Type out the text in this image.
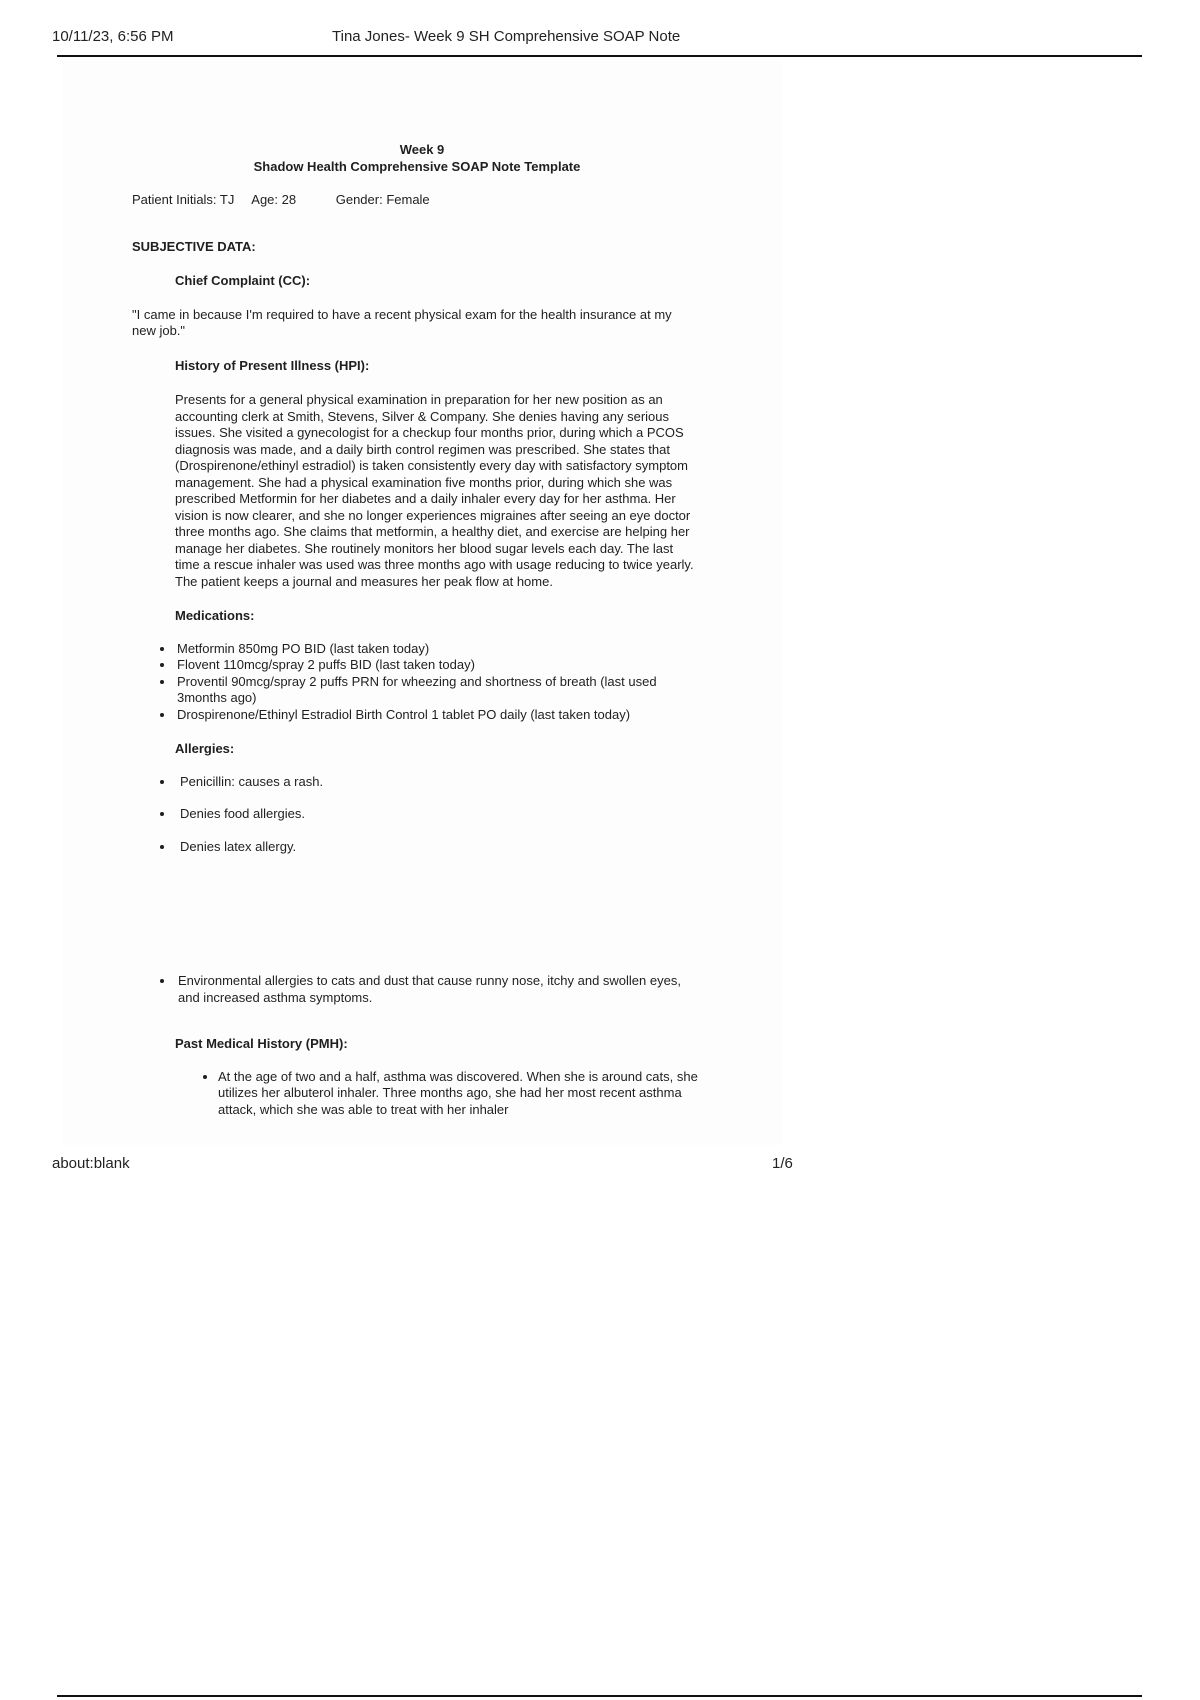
10/11/23, 6:56 PM	Tina Jones- Week 9 SH Comprehensive SOAP Note

Week 9

Shadow Health Comprehensive SOAP Note Template

Patient Initials: TJ Age: 28	Gender: Female
SUBJECTIVE DATA:
Chief Complaint (CC):
"I came in because I'm required to have a recent physical exam for the health insurance at my new job."
History of Present Illness (HPI):
Presents for a general physical examination in preparation for her new position as an accounting clerk at Smith, Stevens, Silver & Company. She denies having any serious issues. She visited a gynecologist for a checkup four months prior, during which a PCOS diagnosis was made, and a daily birth control regimen was prescribed. She states that (Drospirenone/ethinyl estradiol) is taken consistently every day with satisfactory symptom management. She had a physical examination five months prior, during which she was prescribed Metformin for her diabetes and a daily inhaler every day for her asthma. Her vision is now clearer, and she no longer experiences migraines after seeing an eye doctor three months ago. She claims that metformin, a healthy diet, and exercise are helping her manage her diabetes. She routinely monitors her blood sugar levels each day. The last time a rescue inhaler was used was three months ago with usage reducing to twice yearly. The patient keeps a journal and measures her peak flow at home.
Medications:
• Metformin 850mg PO BID (last taken today)
• Flovent 110mcg/spray 2 puffs BID (last taken today)
• Proventil 90mcg/spray 2 puffs PRN for wheezing and shortness of breath (last used 3months ago)
• Drospirenone/Ethinyl Estradiol Birth Control 1 tablet PO daily (last taken today)
Allergies:
• Penicillin: causes a rash.
• Denies food allergies.
• Denies latex allergy.
• Environmental allergies to cats and dust that cause runny nose, itchy and swollen eyes, and increased asthma symptoms.
Past Medical History (PMH):
• At the age of two and a half, asthma was discovered. When she is around cats, she utilizes her albuterol inhaler. Three months ago, she had her most recent asthma attack, which she was able to treat with her inhaler
about:blank	1/6
